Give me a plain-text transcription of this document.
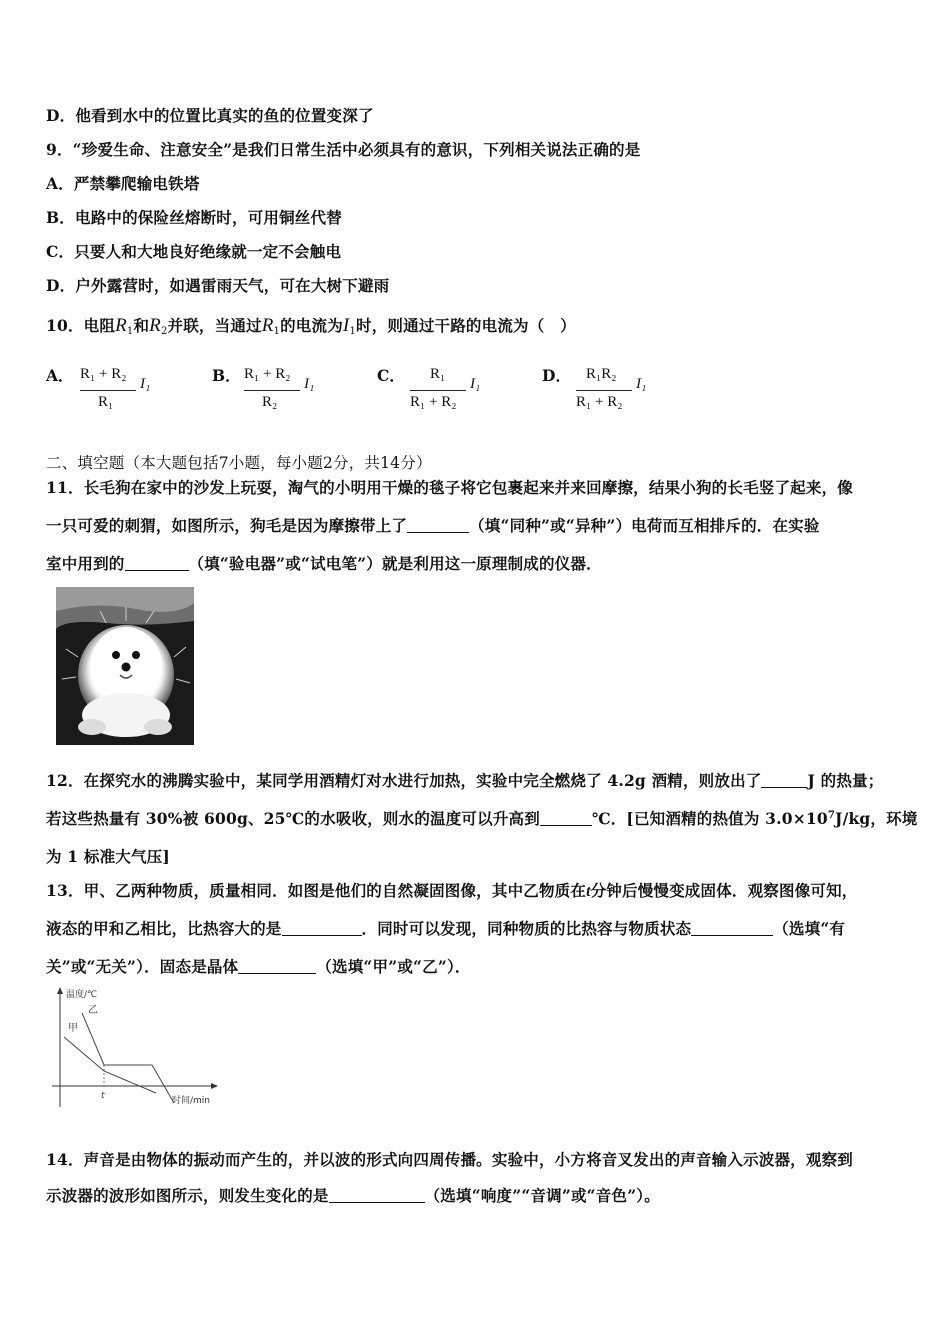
D．他看到水中的位置比真实的鱼的位置变深了
9．“珍爱生命、注意安全”是我们日常生活中必须具有的意识，下列相关说法正确的是
A．严禁攀爬输电铁塔
B．电路中的保险丝熔断时，可用铜丝代替
C．只要人和大地良好绝缘就一定不会触电
D．户外露营时，如遇雷雨天气，可在大树下避雨
10．电阻$R_1$和$R_2$并联，当通过$R_1$的电流为$I_1$时，则通过干路的电流为（　）
A． R₁ + R₂
R₁
I₁	B． R₁ + R₂
R₂
I₁	C． R₁
R₁ + R₂
I₁	D． R₁R₂
R₁ + R₂
I₁
二、填空题（本大题包括7小题，每小题2分，共14分）
11．长毛狗在家中的沙发上玩耍，淘气的小明用干燥的毯子将它包裹起来并来回摩擦，结果小狗的长毛竖了起来，像
一只可爱的刺猬，如图所示，狗毛是因为摩擦带上了	（填“同种”或“异种”）电荷而互相排斥的．在实验
室中用到的	（填“验电器”或“试电笔”）就是利用这一原理制成的仪器．
12．在探究水的沸腾实验中，某同学用酒精灯对水进行加热，实验中完全燃烧了 4.2g 酒精，则放出了	J 的热量；
若这些热量有 30%被 600g、25℃的水吸收，则水的温度可以升高到	℃．[已知酒精的热值为 $3.0\times 10^7J/kg$，环境
为 1 标准大气压]
13．甲、乙两种物质，质量相同．如图是他们的自然凝固图像，其中乙物质在t分钟后慢慢变成固体．观察图像可知，
液态的甲和乙相比，比热容大的是	．同时可以发现，同种物质的比热容与物质状态	（选填“有
关”或“无关”）．固态是晶体	（选填“甲”或“乙”）．
温度/℃
时间/min
甲
乙
t
14．声音是由物体的振动而产生的，并以波的形式向四周传播。实验中，小方将音叉发出的声音输入示波器，观察到
示波器的波形如图所示，则发生变化的是	（选填“响度”“音调”或“音色”）。
